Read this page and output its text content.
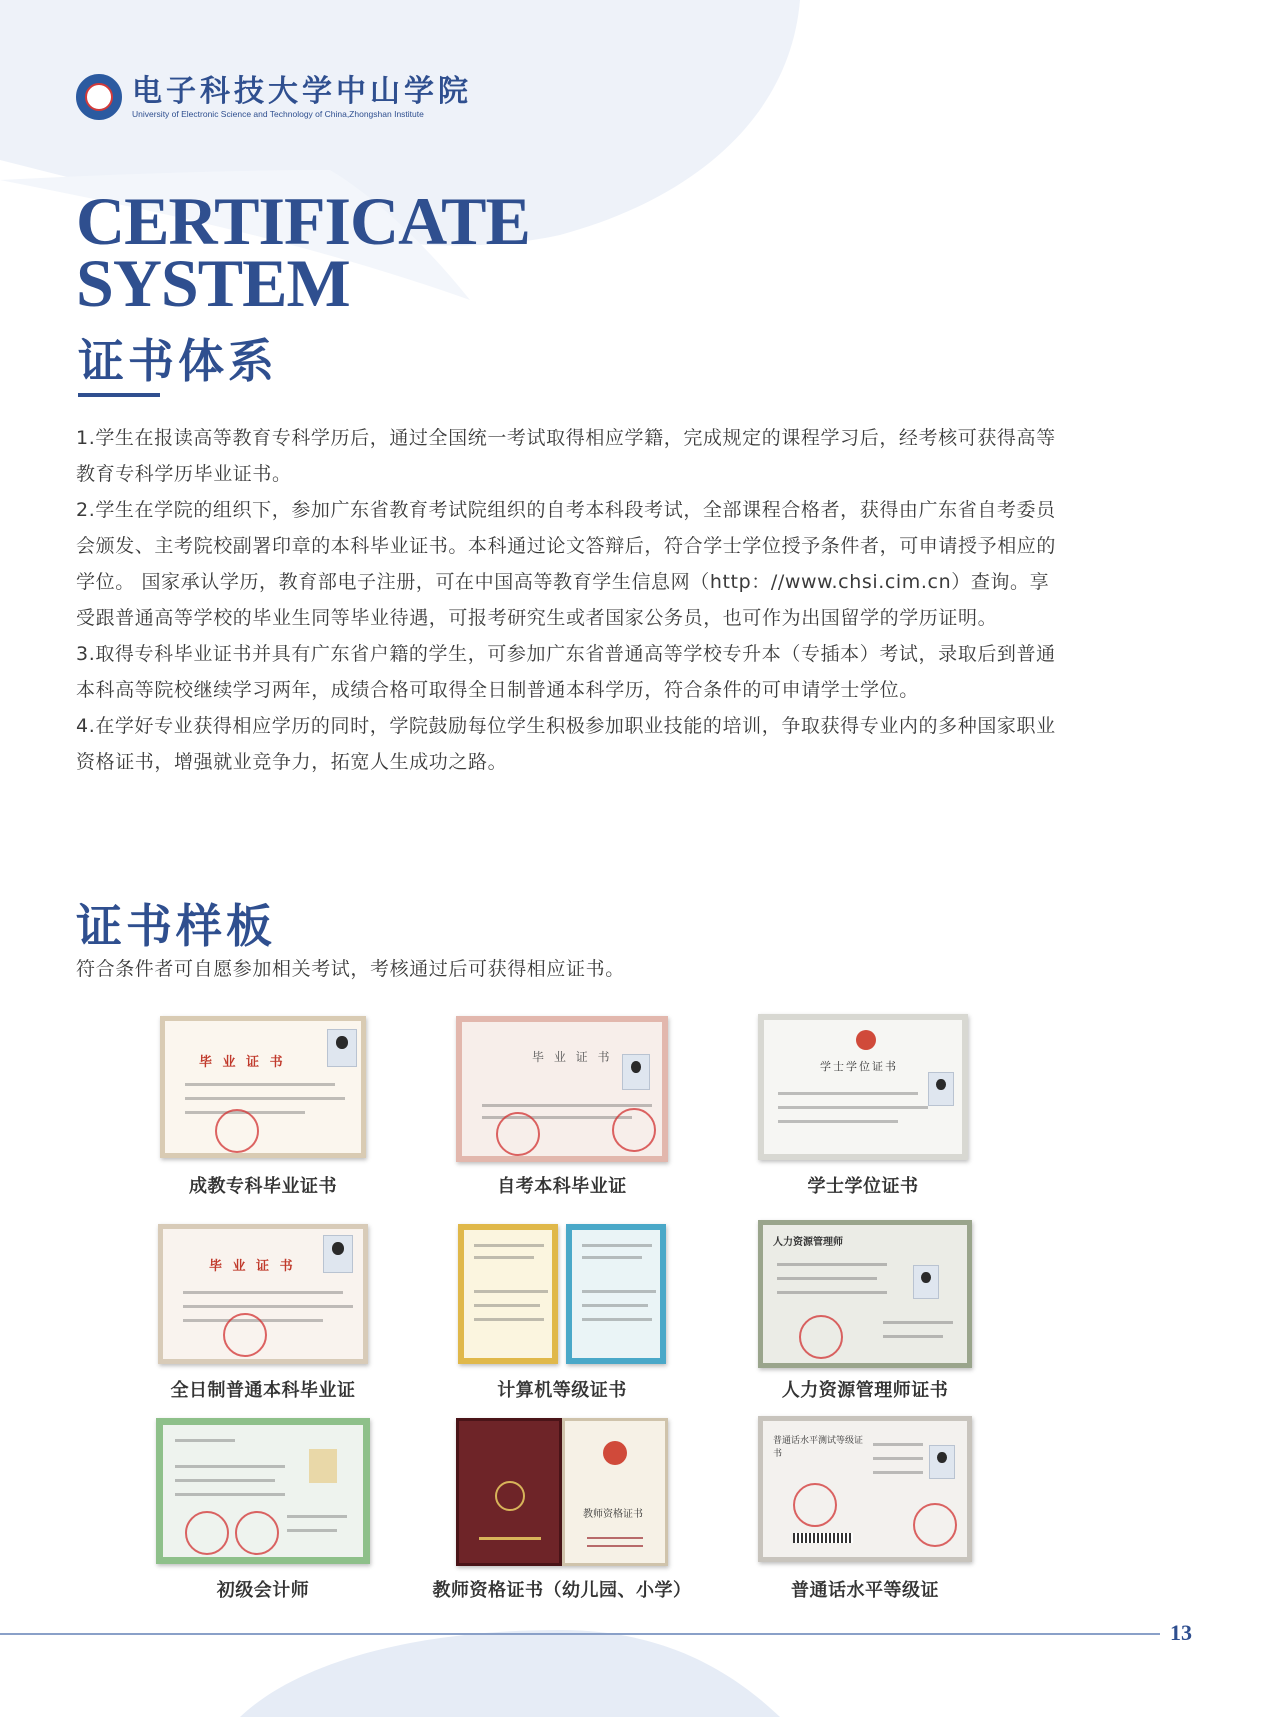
电子科技大学中山学院
University of Electronic Science and Technology of China,Zhongshan Institute
CERTIFICATE
SYSTEM
证书体系

1.学生在报读高等教育专科学历后，通过全国统一考试取得相应学籍，完成规定的课程学习后，经考核可获得高等教育专科学历毕业证书。

2.学生在学院的组织下，参加广东省教育考试院组织的自考本科段考试，全部课程合格者，获得由广东省自考委员会颁发、主考院校副署印章的本科毕业证书。本科通过论文答辩后，符合学士学位授予条件者，可申请授予相应的学位。 国家承认学历，教育部电子注册，可在中国高等教育学生信息网（http：//www.chsi.cim.cn）查询。享受跟普通高等学校的毕业生同等毕业待遇，可报考研究生或者国家公务员，也可作为出国留学的学历证明。

3.取得专科毕业证书并具有广东省户籍的学生，可参加广东省普通高等学校专升本（专插本）考试，录取后到普通本科高等院校继续学习两年，成绩合格可取得全日制普通本科学历，符合条件的可申请学士学位。

4.在学好专业获得相应学历的同时，学院鼓励每位学生积极参加职业技能的培训，争取获得专业内的多种国家职业资格证书，增强就业竞争力，拓宽人生成功之路。

证书样板
符合条件者可自愿参加相关考试，考核通过后可获得相应证书。
毕 业 证 书
成教专科毕业证书
毕 业 证 书
自考本科毕业证
学士学位证书
学士学位证书
毕 业 证 书
全日制普通本科毕业证	计算机等级证书
人力资源管理师
人力资源管理师证书
初级会计师
教师资格证书
教师资格证书（幼儿园、小学）
普通话水平测试等级证书
普通话水平等级证
13
